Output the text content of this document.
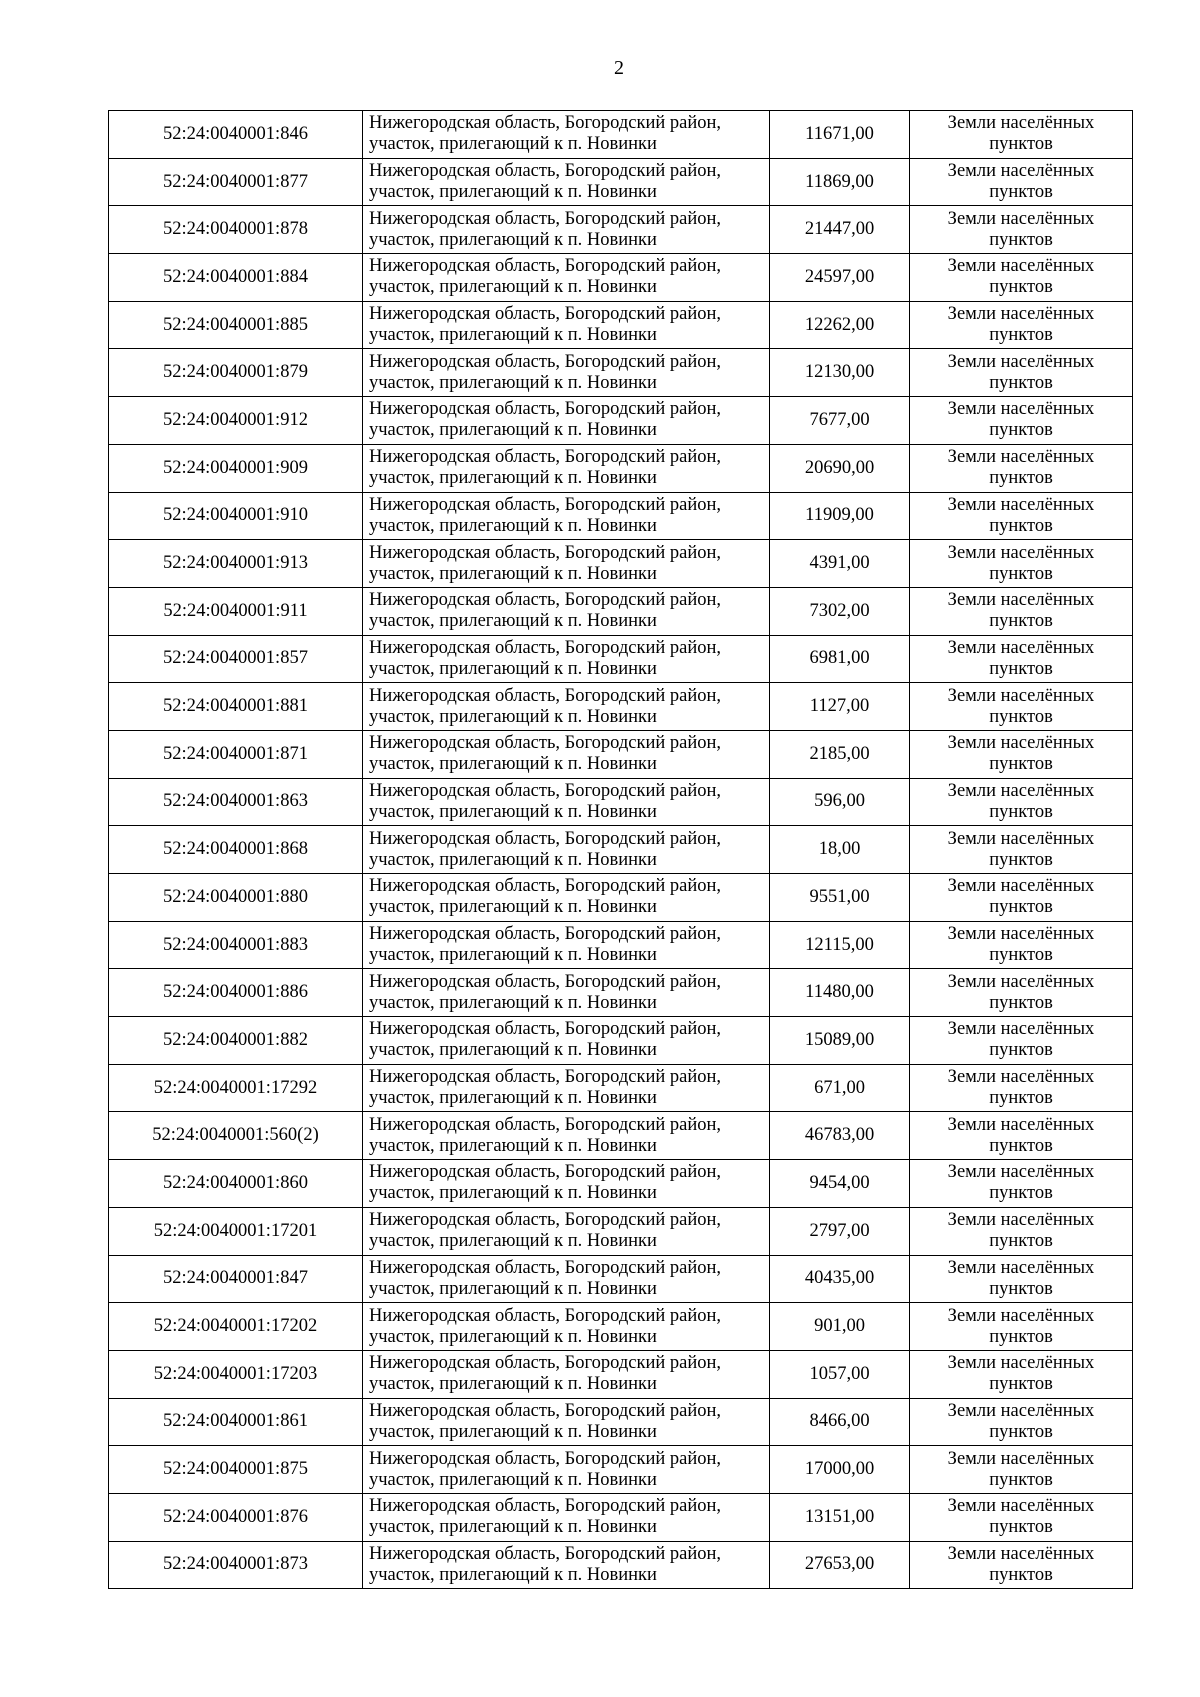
2
52:24:0040001:846	Нижегородская область, Богородский район,
участок, прилегающий к п. Новинки	11671,00	Земли населённых
пунктов

52:24:0040001:877	Нижегородская область, Богородский район,
участок, прилегающий к п. Новинки	11869,00	Земли населённых
пунктов

52:24:0040001:878	Нижегородская область, Богородский район,
участок, прилегающий к п. Новинки	21447,00	Земли населённых
пунктов

52:24:0040001:884	Нижегородская область, Богородский район,
участок, прилегающий к п. Новинки	24597,00	Земли населённых
пунктов

52:24:0040001:885	Нижегородская область, Богородский район,
участок, прилегающий к п. Новинки	12262,00	Земли населённых
пунктов

52:24:0040001:879	Нижегородская область, Богородский район,
участок, прилегающий к п. Новинки	12130,00	Земли населённых
пунктов

52:24:0040001:912	Нижегородская область, Богородский район,
участок, прилегающий к п. Новинки	7677,00	Земли населённых
пунктов

52:24:0040001:909	Нижегородская область, Богородский район,
участок, прилегающий к п. Новинки	20690,00	Земли населённых
пунктов

52:24:0040001:910	Нижегородская область, Богородский район,
участок, прилегающий к п. Новинки	11909,00	Земли населённых
пунктов

52:24:0040001:913	Нижегородская область, Богородский район,
участок, прилегающий к п. Новинки	4391,00	Земли населённых
пунктов

52:24:0040001:911	Нижегородская область, Богородский район,
участок, прилегающий к п. Новинки	7302,00	Земли населённых
пунктов

52:24:0040001:857	Нижегородская область, Богородский район,
участок, прилегающий к п. Новинки	6981,00	Земли населённых
пунктов

52:24:0040001:881	Нижегородская область, Богородский район,
участок, прилегающий к п. Новинки	1127,00	Земли населённых
пунктов

52:24:0040001:871	Нижегородская область, Богородский район,
участок, прилегающий к п. Новинки	2185,00	Земли населённых
пунктов

52:24:0040001:863	Нижегородская область, Богородский район,
участок, прилегающий к п. Новинки	596,00	Земли населённых
пунктов

52:24:0040001:868	Нижегородская область, Богородский район,
участок, прилегающий к п. Новинки	18,00	Земли населённых
пунктов

52:24:0040001:880	Нижегородская область, Богородский район,
участок, прилегающий к п. Новинки	9551,00	Земли населённых
пунктов

52:24:0040001:883	Нижегородская область, Богородский район,
участок, прилегающий к п. Новинки	12115,00	Земли населённых
пунктов

52:24:0040001:886	Нижегородская область, Богородский район,
участок, прилегающий к п. Новинки	11480,00	Земли населённых
пунктов

52:24:0040001:882	Нижегородская область, Богородский район,
участок, прилегающий к п. Новинки	15089,00	Земли населённых
пунктов

52:24:0040001:17292	Нижегородская область, Богородский район,
участок, прилегающий к п. Новинки	671,00	Земли населённых
пунктов

52:24:0040001:560(2)	Нижегородская область, Богородский район,
участок, прилегающий к п. Новинки	46783,00	Земли населённых
пунктов

52:24:0040001:860	Нижегородская область, Богородский район,
участок, прилегающий к п. Новинки	9454,00	Земли населённых
пунктов

52:24:0040001:17201	Нижегородская область, Богородский район,
участок, прилегающий к п. Новинки	2797,00	Земли населённых
пунктов

52:24:0040001:847	Нижегородская область, Богородский район,
участок, прилегающий к п. Новинки	40435,00	Земли населённых
пунктов

52:24:0040001:17202	Нижегородская область, Богородский район,
участок, прилегающий к п. Новинки	901,00	Земли населённых
пунктов

52:24:0040001:17203	Нижегородская область, Богородский район,
участок, прилегающий к п. Новинки	1057,00	Земли населённых
пунктов

52:24:0040001:861	Нижегородская область, Богородский район,
участок, прилегающий к п. Новинки	8466,00	Земли населённых
пунктов

52:24:0040001:875	Нижегородская область, Богородский район,
участок, прилегающий к п. Новинки	17000,00	Земли населённых
пунктов

52:24:0040001:876	Нижегородская область, Богородский район,
участок, прилегающий к п. Новинки	13151,00	Земли населённых
пунктов

52:24:0040001:873	Нижегородская область, Богородский район,
участок, прилегающий к п. Новинки	27653,00	Земли населённых
пунктов
